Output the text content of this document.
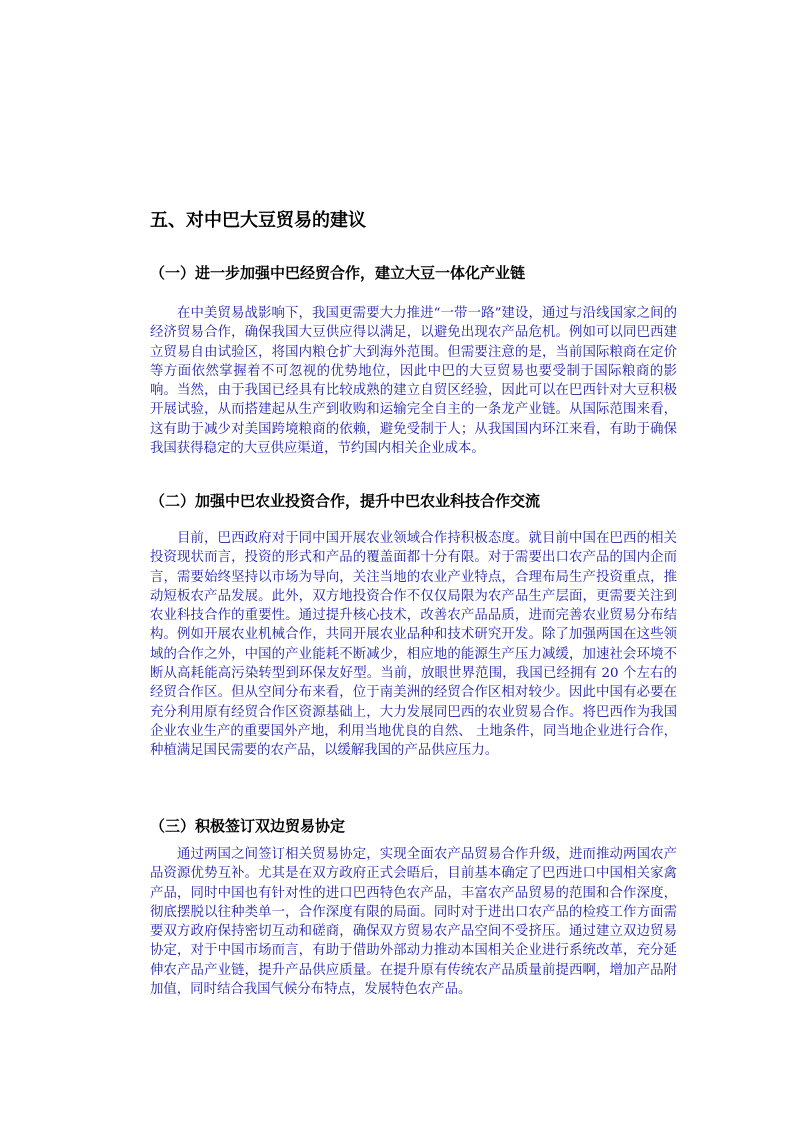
五、对中巴大豆贸易的建议
（一）进一步加强中巴经贸合作，建立大豆一体化产业链

在中美贸易战影响下，我国更需要大力推进“一带一路”建设，通过与沿线国家之间的经济贸易合作，确保我国大豆供应得以满足，以避免出现农产品危机。例如可以同巴西建立贸易自由试验区，将国内粮仓扩大到海外范围。但需要注意的是，当前国际粮商在定价等方面依然掌握着不可忽视的优势地位，因此中巴的大豆贸易也要受制于国际粮商的影响。当然，由于我国已经具有比较成熟的建立自贸区经验，因此可以在巴西针对大豆积极开展试验，从而搭建起从生产到收购和运输完全自主的一条龙产业链。从国际范围来看，这有助于减少对美国跨境粮商的依赖，避免受制于人；从我国国内环江来看，有助于确保我国获得稳定的大豆供应渠道，节约国内相关企业成本。

（二）加强中巴农业投资合作，提升中巴农业科技合作交流

目前，巴西政府对于同中国开展农业领域合作持积极态度。就目前中国在巴西的相关投资现状而言，投资的形式和产品的覆盖面都十分有限。对于需要出口农产品的国内企而言，需要始终坚持以市场为导向，关注当地的农业产业特点，合理布局生产投资重点，推动短板农产品发展。此外，双方地投资合作不仅仅局限为农产品生产层面，更需要关注到农业科技合作的重要性。通过提升核心技术，改善农产品品质，进而完善农业贸易分布结构。例如开展农业机械合作，共同开展农业品种和技术研究开发。除了加强两国在这些领域的合作之外，中国的产业能耗不断减少，相应地的能源生产压力减缓，加速社会环境不断从高耗能高污染转型到环保友好型。当前，放眼世界范围，我国已经拥有 20 个左右的经贸合作区。但从空间分布来看，位于南美洲的经贸合作区相对较少。因此中国有必要在充分利用原有经贸合作区资源基础上，大力发展同巴西的农业贸易合作。将巴西作为我国企业农业生产的重要国外产地，利用当地优良的自然、 土地条件，同当地企业进行合作，种植满足国民需要的农产品，以缓解我国的产品供应压力。

（三）积极签订双边贸易协定

通过两国之间签订相关贸易协定，实现全面农产品贸易合作升级，进而推动两国农产品资源优势互补。尤其是在双方政府正式会晤后，目前基本确定了巴西进口中国相关家禽产品，同时中国也有针对性的进口巴西特色农产品，丰富农产品贸易的范围和合作深度，彻底摆脱以往种类单一，合作深度有限的局面。同时对于进出口农产品的检疫工作方面需要双方政府保持密切互动和磋商，确保双方贸易农产品空间不受挤压。通过建立双边贸易协定，对于中国市场而言，有助于借助外部动力推动本国相关企业进行系统改革，充分延伸农产品产业链，提升产品供应质量。在提升原有传统农产品质量前提西啊，增加产品附加值，同时结合我国气候分布特点，发展特色农产品。
